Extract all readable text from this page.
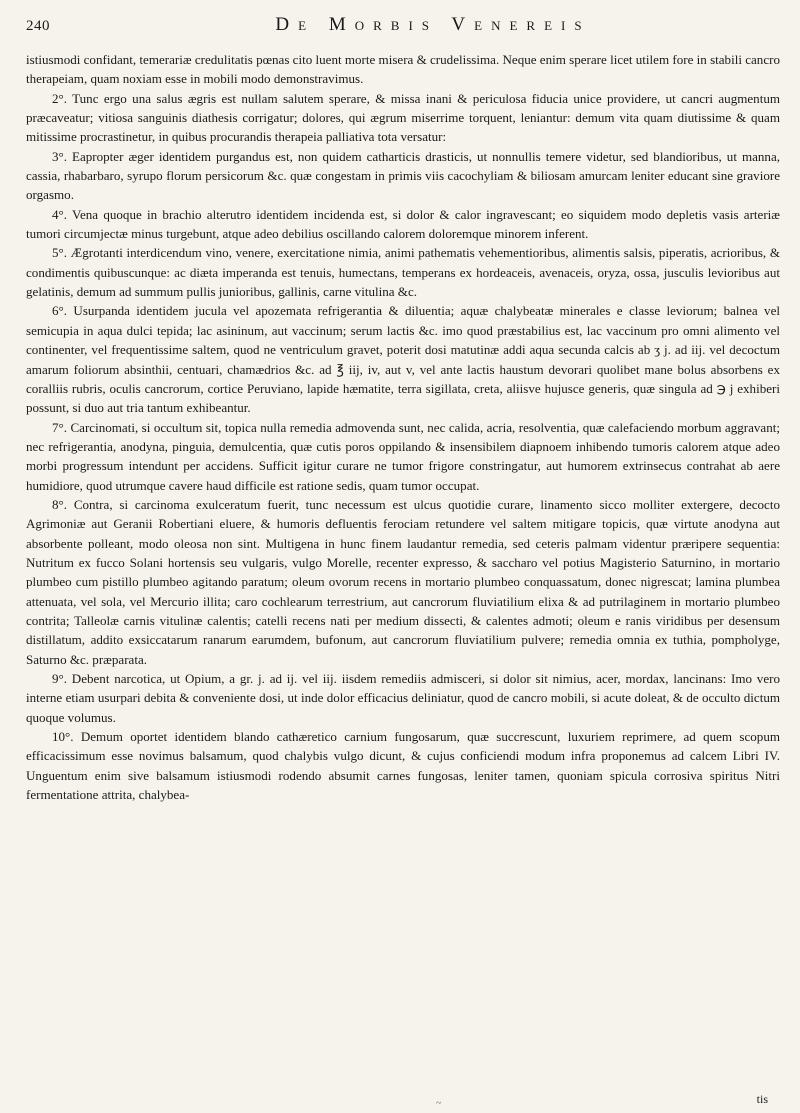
240	De Morbis Venereis

istiusmodi confidant, temerariæ credulitatis pœnas cito luent morte misera & crudelissima. Neque enim sperare licet utilem fore in stabili cancro therapeiam, quam noxiam esse in mobili modo demonstravimus.

2°. Tunc ergo una salus ægris est nullam salutem sperare, & missa inani & periculosa fiducia unice providere, ut cancri augmentum præcaveatur; vitiosa sanguinis diathesis corrigatur; dolores, qui ægrum miserrime torquent, leniantur: demum vita quam diutissime & quam mitissime procrastinetur, in quibus procurandis therapeia palliativa tota versatur:

3°. Eapropter æger identidem purgandus est, non quidem catharticis drasticis, ut nonnullis temere videtur, sed blandioribus, ut manna, cassia, rhabarbaro, syrupo florum persicorum &c. quæ congestam in primis viis cacochyliam & biliosam amurcam leniter educant sine graviore orgasmo.

4°. Vena quoque in brachio alterutro identidem incidenda est, si dolor & calor ingravescant; eo siquidem modo depletis vasis arteriæ tumori circumjectæ minus turgebunt, atque adeo debilius oscillando calorem doloremque minorem inferent.

5°. Ægrotanti interdicendum vino, venere, exercitatione nimia, animi pathematis vehementioribus, alimentis salsis, piperatis, acrioribus, & condimentis quibuscunque: ac diæta imperanda est tenuis, humectans, temperans ex hordeaceis, avenaceis, oryza, ossa, jusculis levioribus aut gelatinis, demum ad summum pullis junioribus, gallinis, carne vitulina &c.

6°. Usurpanda identidem jucula vel apozemata refrigerantia & diluentia; aquæ chalybeatæ minerales e classe leviorum; balnea vel semicupia in aqua dulci tepida; lac asininum, aut vaccinum; serum lactis &c. imo quod præstabilius est, lac vaccinum pro omni alimento vel continenter, vel frequentissime saltem, quod ne ventriculum gravet, poterit dosi matutinæ addi aqua secunda calcis ab ʒ j. ad iij. vel decoctum amarum foliorum absinthii, centuari, chamædrios &c. ad ℥ iij, iv, aut v, vel ante lactis haustum devorari quolibet mane bolus absorbens ex coralliis rubris, oculis cancrorum, cortice Peruviano, lapide hæmatite, terra sigillata, creta, aliisve hujusce generis, quæ singula ad ℈ j exhiberi possunt, si duo aut tria tantum exhibeantur.

7°. Carcinomati, si occultum sit, topica nulla remedia admovenda sunt, nec calida, acria, resolventia, quæ calefaciendo morbum aggravant; nec refrigerantia, anodyna, pinguia, demulcentia, quæ cutis poros oppilando & insensibilem diapnoem inhibendo tumoris calorem atque adeo morbi progressum intendunt per accidens. Sufficit igitur curare ne tumor frigore constringatur, aut humorem extrinsecus contrahat ab aere humidiore, quod utrumque cavere haud difficile est ratione sedis, quam tumor occupat.

8°. Contra, si carcinoma exulceratum fuerit, tunc necessum est ulcus quotidie curare, linamento sicco molliter extergere, decocto Agrimoniæ aut Geranii Robertiani eluere, & humoris defluentis ferociam retundere vel saltem mitigare topicis, quæ virtute anodyna aut absorbente polleant, modo oleosa non sint. Multigena in hunc finem laudantur remedia, sed ceteris palmam videntur præripere sequentia: Nutritum ex fucco Solani hortensis seu vulgaris, vulgo Morelle, recenter expresso, & saccharo vel potius Magisterio Saturnino, in mortario plumbeo cum pistillo plumbeo agitando paratum; oleum ovorum recens in mortario plumbeo conquassatum, donec nigrescat; lamina plumbea attenuata, vel sola, vel Mercurio illita; caro cochlearum terrestrium, aut cancrorum fluviatilium elixa & ad putrilaginem in mortario plumbeo contrita; Talleolæ carnis vitulinæ calentis; catelli recens nati per medium dissecti, & calentes admoti; oleum e ranis viridibus per desensum distillatum, addito exsiccatarum ranarum earumdem, bufonum, aut cancrorum fluviatilium pulvere; remedia omnia ex tuthia, pompholyge, Saturno &c. præparata.

9°. Debent narcotica, ut Opium, a gr. j. ad ij. vel iij. iisdem remediis admisceri, si dolor sit nimius, acer, mordax, lancinans: Imo vero interne etiam usurpari debita & conveniente dosi, ut inde dolor efficacius deliniatur, quod de cancro mobili, si acute doleat, & de occulto dictum quoque volumus.

10°. Demum oportet identidem blando cathæretico carnium fungosarum, quæ succrescunt, luxuriem reprimere, ad quem scopum efficacissimum esse novimus balsamum, quod chalybis vulgo dicunt, & cujus conficiendi modum infra proponemus ad calcem Libri IV. Unguentum enim sive balsamum istiusmodi rodendo absumit carnes fungosas, leniter tamen, quoniam spicula corrosiva spiritus Nitri fermentatione attrita, chalybea-

~	tis
